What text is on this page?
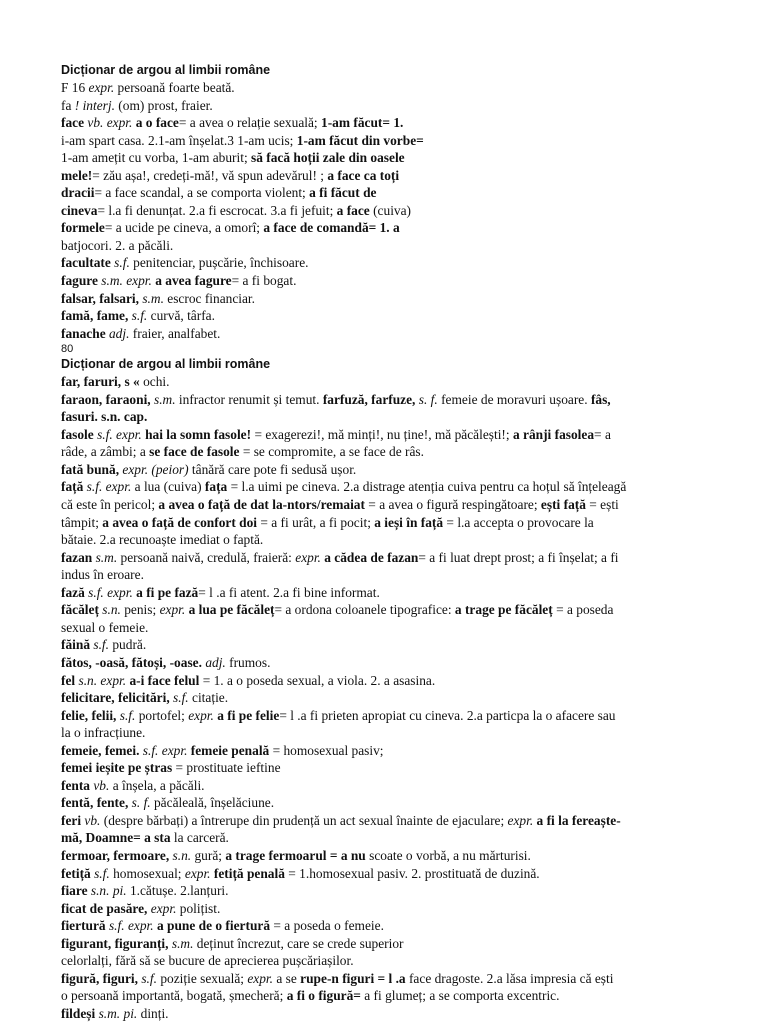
Dicționar de argou al limbii române
F 16 expr. persoană foarte beată.
fa ! interj. (om) prost, fraier.
face vb. expr. a o face= a avea o relație sexuală; 1-am făcut= 1.
i-am spart casa. 2.1-am înșelat.3 1-am ucis; 1-am făcut din vorbe=
1-am amețit cu vorba, 1-am aburit; să facă hoții zale din oasele
mele!= zău așa!, credeți-mă!, vă spun adevărul! ; a face ca toți
dracii= a face scandal, a se comporta violent; a fi făcut de
cineva= l.a fi denunțat. 2.a fi escrocat. 3.a fi jefuit; a face (cuiva)
formele= a ucide pe cineva, a omorî; a face de comandă= 1. a
batjocori. 2. a păcăli.
facultate s.f. penitenciar, pușcărie, închisoare.
fagure s.m. expr. a avea fagure= a fi bogat.
falsar, falsari, s.m. escroc financiar.
famă, fame, s.f. curvă, târfa.
fanache adj. fraier, analfabet.
80
Dicționar de argou al limbii române
far, faruri, s « ochi.
faraon, faraoni, s.m. infractor renumit și temut. farfuză, farfuze, s. f. femeie de moravuri ușoare. fâs,
fasuri. s.n. cap.
fasole s.f. expr. hai la somn fasole! = exagerezi!, mă minți!, nu ține!, mă păcălești!; a rânji fasolea= a
râde, a zâmbi; a se face de fasole = se compromite, a se face de râs.
fată bună, expr. (peior) tânără care pote fi sedusă ușor.
față s.f. expr. a lua (cuiva) fața = l.a uimi pe cineva. 2.a distrage atenția cuiva pentru ca hoțul să înțeleagă
că este în pericol; a avea o față de dat la-ntors/remaiat = a avea o figură respingătoare; ești față = ești
tâmpit; a avea o față de confort doi = a fi urât, a fi pocit; a ieși în față = l.a accepta o provocare la
bătaie. 2.a recunoaște imediat o faptă.
fazan s.m. persoană naivă, credulă, fraieră: expr. a cădea de fazan= a fi luat drept prost; a fi înșelat; a fi
indus în eroare.
fază s.f. expr. a fi pe fază= l .a fi atent. 2.a fi bine informat.
făcăleț s.n. penis; expr. a lua pe făcăleț= a ordona coloanele tipografice: a trage pe făcăleț = a poseda
sexual o femeie.
făină s.f. pudră.
fătos, -oasă, fătoși, -oase. adj. frumos.
fel s.n. expr. a-i face felul = 1. a o poseda sexual, a viola. 2. a asasina.
felicitare, felicitări, s.f. citație.
felie, felii, s.f. portofel; expr. a fi pe felie= l .a fi prieten apropiat cu cineva. 2.a particpa la o afacere sau
la o infracțiune.
femeie, femei. s.f. expr. femeie penală = homosexual pasiv;
femei ieșite pe ștras = prostituate ieftine
fenta vb. a înșela, a păcăli.
fentă, fente, s. f. păcăleală, înșelăciune.
feri vb. (despre bărbați) a întrerupe din prudență un act sexual înainte de ejaculare; expr. a fi la fereaște-
mă, Doamne= a sta la carceră.
fermoar, fermoare, s.n. gură; a trage fermoarul = a nu scoate o vorbă, a nu mărturisi.
fetiță s.f. homosexual; expr. fetiță penală = 1.homosexual pasiv. 2. prostituată de duzină.
fiare s.n. pi. 1.cătușe. 2.lanțuri.
ficat de pasăre, expr. polițist.
fiertură s.f. expr. a pune de o fiertură = a poseda o femeie.
figurant, figuranți, s.m. deținut încrezut, care se crede superior
celorlalți, fără să se bucure de aprecierea pușcăriașilor.
figură, figuri, s.f. poziție sexuală; expr. a se rupe-n figuri = l .a face dragoste. 2.a lăsa impresia că ești
o persoană importantă, bogată, șmecheră; a fi o figură= a fi glumeț; a se comporta excentric.
fildeși s.m. pi. dinți.
